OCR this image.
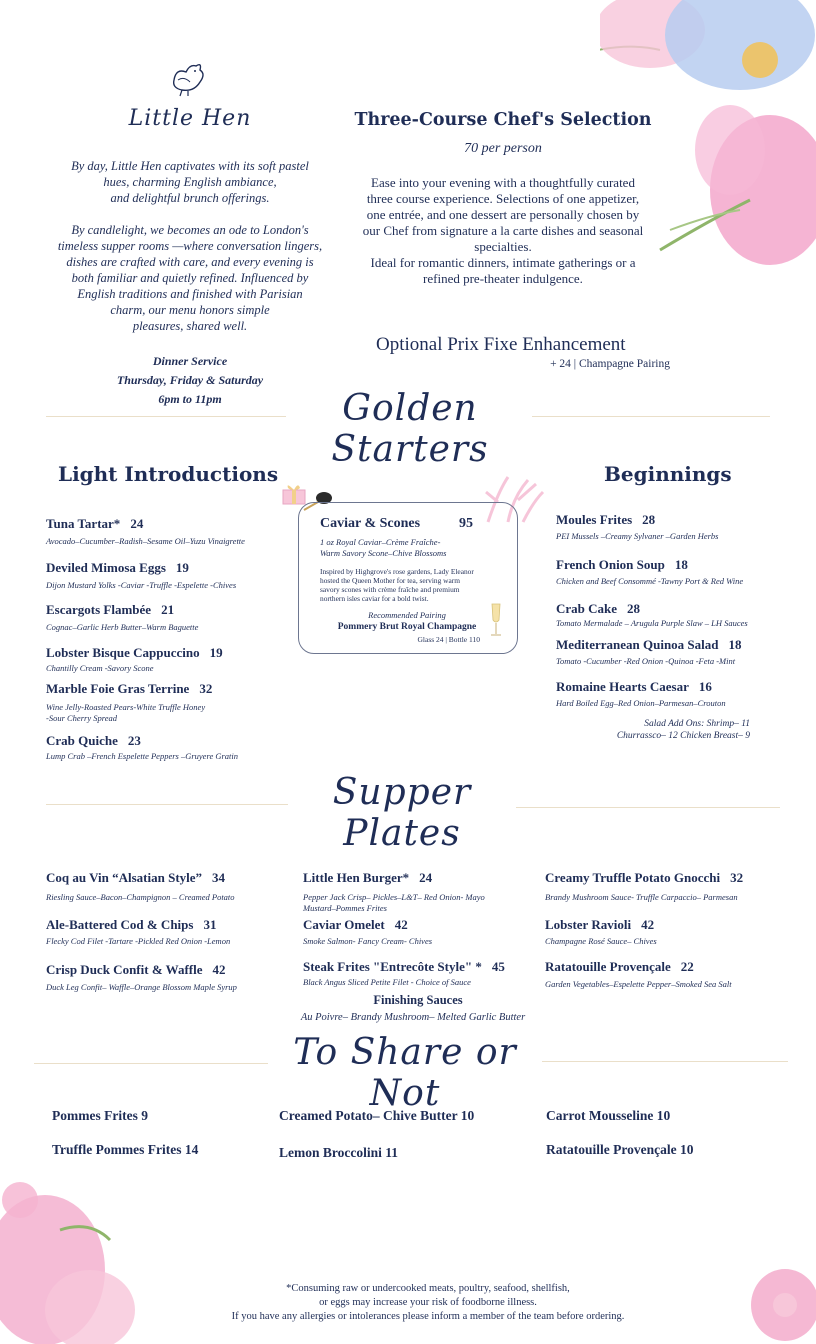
Little Hen

By day, Little Hen captivates with its soft pastel

hues, charming English ambiance,

and delightful brunch offerings.

By candlelight, we becomes an ode to London's

timeless supper rooms —where conversation lingers,

dishes are crafted with care, and every evening is

both familiar and quietly refined. Influenced by

English traditions and finished with Parisian

charm, our menu honors simple

pleasures, shared well.

Dinner Service
Thursday, Friday & Saturday
6pm to 11pm
Three-Course Chef's Selection
70 per person
Ease into your evening with a thoughtfully curated
three course experience. Selections of one appetizer,
one entrée, and one dessert are personally chosen by
our Chef from signature a la carte dishes and seasonal
specialties.
Ideal for romantic dinners, intimate gatherings or a
refined pre-theater indulgence.
Optional Prix Fixe Enhancement
+ 24 | Champagne Pairing
Golden Starters
Light Introductions
Tuna Tartar* 24
Avocado–Cucumber–Radish–Sesame Oil–Yuzu Vinaigrette
Deviled Mimosa Eggs 19
Dijon Mustard Yolks -Caviar -Truffle -Espelette -Chives
Escargots Flambée 21
Cognac–Garlic Herb Butter–Warm Baguette
Lobster Bisque Cappuccino 19
Chantilly Cream -Savory Scone
Marble Foie Gras Terrine 32
Wine Jelly-Roasted Pears-White Truffle Honey
-Sour Cherry Spread
Crab Quiche 23
Lump Crab –French Espelette Peppers –Gruyere Gratin
Caviar & Scones	95
1 oz Royal Caviar–Crème Fraîche-
Warm Savory Scone–Chive Blossoms
Inspired by Highgrove's rose gardens, Lady Eleanor
hosted the Queen Mother for tea, serving warm
savory scones with crème fraîche and premium
northern isles caviar for a bold twist.
Recommended Pairing
Pommery Brut Royal Champagne
Glass 24 | Bottle 110
Beginnings
Moules Frites 28
PEI Mussels –Creamy Sylvaner –Garden Herbs
French Onion Soup 18
Chicken and Beef Consommé -Tawny Port & Red Wine
Crab Cake 28
Tomato Mermalade – Arugula Purple Slaw – LH Sauces
Mediterranean Quinoa Salad 18
Tomato -Cucumber -Red Onion -Quinoa -Feta -Mint
Romaine Hearts Caesar 16
Hard Boiled Egg–Red Onion–Parmesan–Crouton
Salad Add Ons: Shrimp– 11
Churrassco– 12 Chicken Breast– 9
Supper Plates
Coq au Vin “Alsatian Style” 34
Riesling Sauce–Bacon–Champignon – Creamed Potato
Ale-Battered Cod & Chips 31
Flecky Cod Filet -Tartare -Pickled Red Onion -Lemon
Crisp Duck Confit & Waffle 42
Duck Leg Confit– Waffle–Orange Blossom Maple Syrup
Little Hen Burger* 24
Pepper Jack Crisp– Pickles–L&T– Red Onion- Mayo Mustard–Pommes Frites
Caviar Omelet 42
Smoke Salmon- Fancy Cream- Chives
Steak Frites "Entrecôte Style" * 45
Black Angus Sliced Petite Filet - Choice of Sauce
Finishing Sauces
Au Poivre– Brandy Mushroom– Melted Garlic Butter
Creamy Truffle Potato Gnocchi 32
Brandy Mushroom Sauce- Truffle Carpaccio– Parmesan
Lobster Ravioli 42
Champagne Rosé Sauce– Chives
Ratatouille Provençale 22
Garden Vegetables–Espelette Pepper–Smoked Sea Salt
To Share or Not
Pommes Frites 9
Truffle Pommes Frites 14
Creamed Potato– Chive Butter 10
Lemon Broccolini 11
Carrot Mousseline 10
Ratatouille Provençale 10
*Consuming raw or undercooked meats, poultry, seafood, shellfish,
or eggs may increase your risk of foodborne illness.
If you have any allergies or intolerances please inform a member of the team before ordering.
